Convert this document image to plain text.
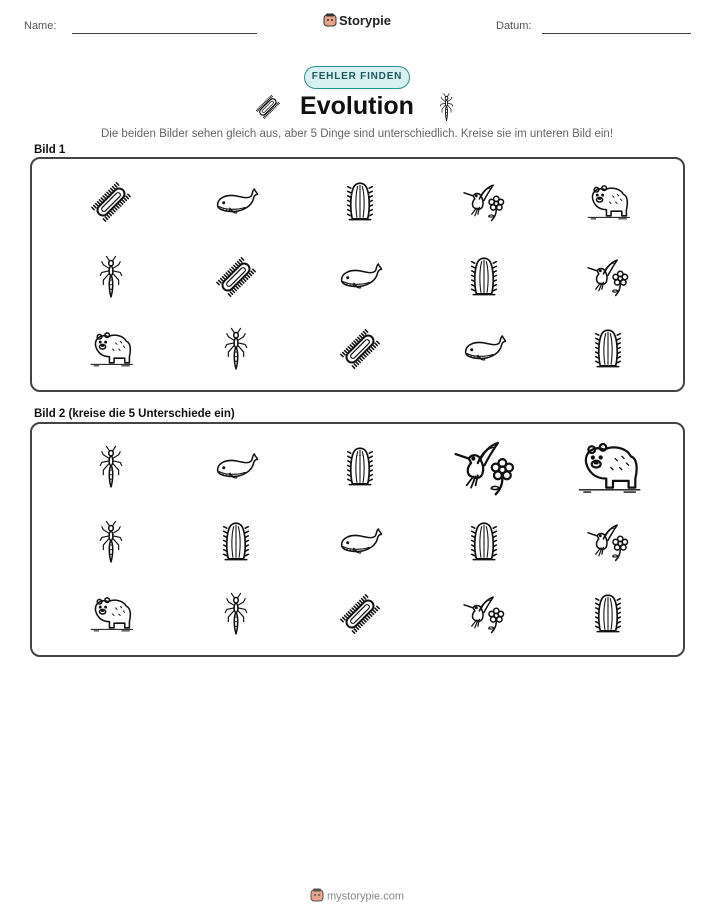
Name:	Storypie	Datum:
FEHLER FINDEN
Evolution
Die beiden Bilder sehen gleich aus, aber 5 Dinge sind unterschiedlich. Kreise sie im unteren Bild ein!
Bild 1
Bild 2 (kreise die 5 Unterschiede ein)
mystorypie.com
